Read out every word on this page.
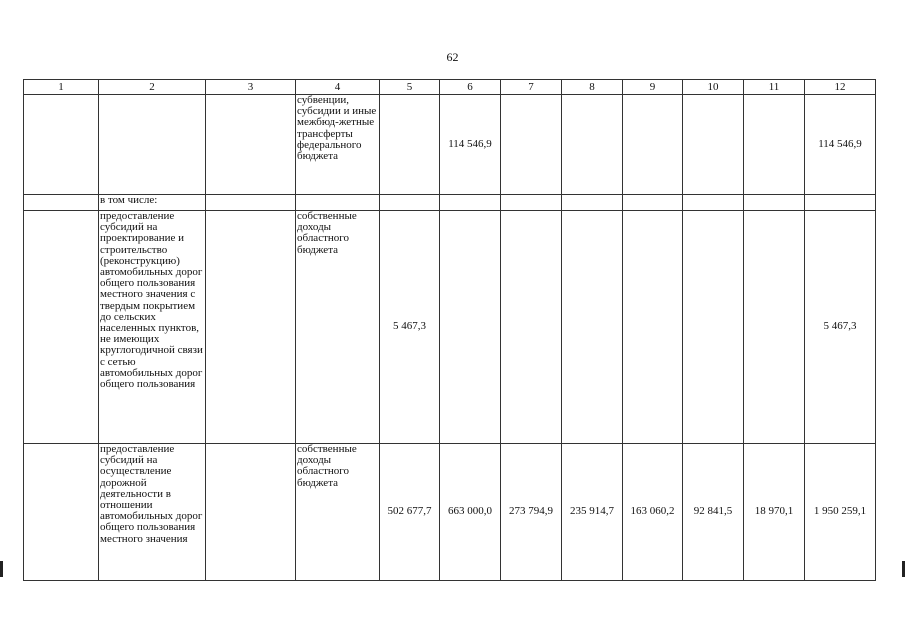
62
1	2	3	4	5	6	7	8	9	10	11	12
			субвенции, субсидии и иные межбюд-жетные трансферты федерального бюджета		114 546,9						114 546,9
	в том числе:										
	предоставление субсидий на проектирование и строительство (реконструкцию) автомобильных дорог общего пользования местного значения с твердым покрытием до сельских населенных пунктов, не имеющих круглогодичной связи с сетью автомобильных дорог общего пользования		собственные доходы областного бюджета	5 467,3							5 467,3
	предоставление субсидий на осуществление дорожной деятельности в отношении автомобильных дорог общего пользования местного значения		собственные доходы областного бюджета	502 677,7	663 000,0	273 794,9	235 914,7	163 060,2	92 841,5	18 970,1	1 950 259,1
